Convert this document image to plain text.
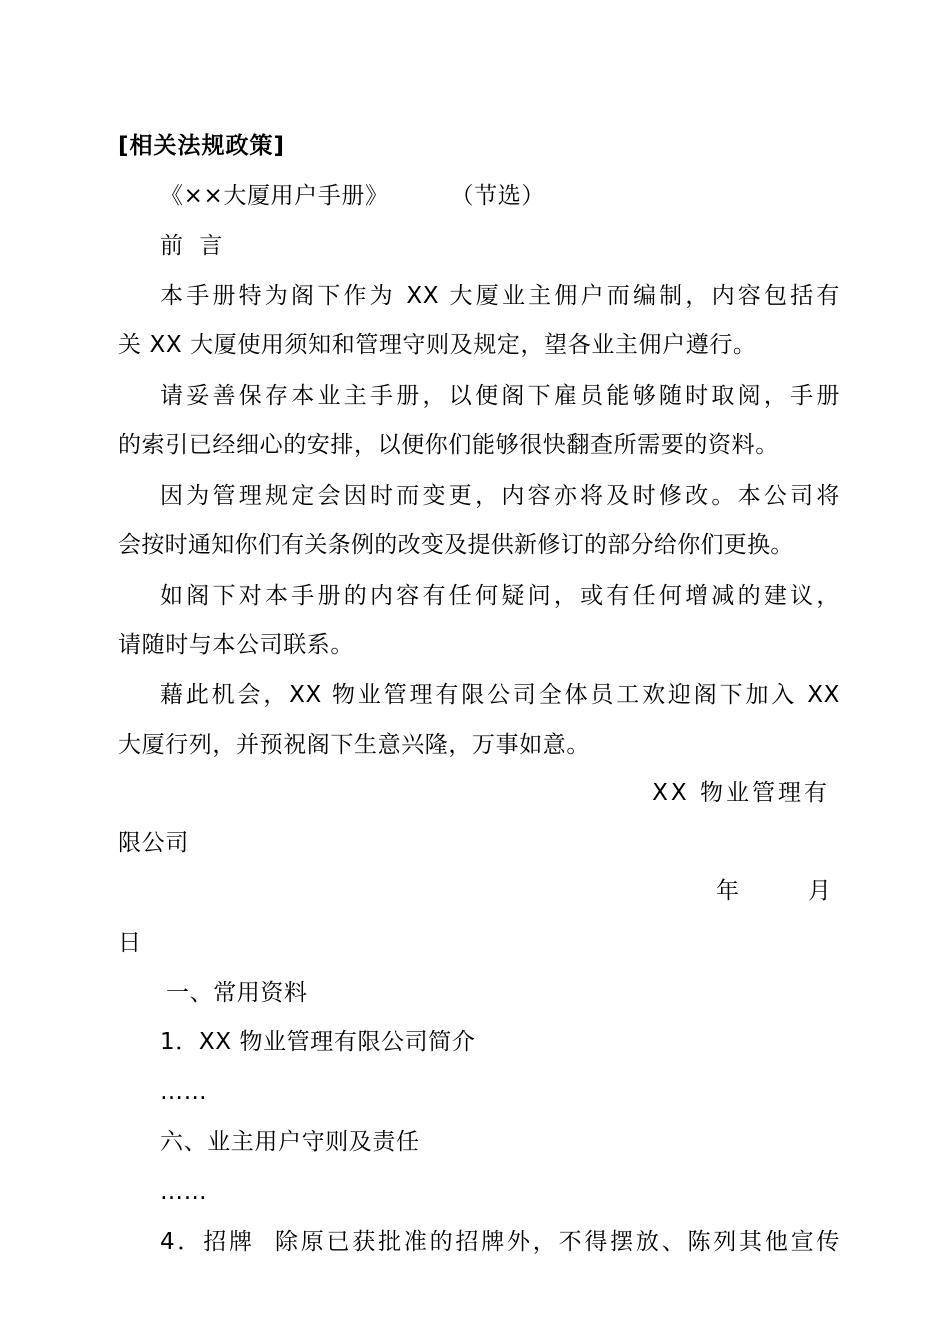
[相关法规政策]
《××大厦用户手册》	（节选）
前  言
本手册特为阁下作为 XX 大厦业主佣户而编制，内容包括有
关 XX 大厦使用须知和管理守则及规定，望各业主佣户遵行。
请妥善保存本业主手册，以便阁下雇员能够随时取阅，手册
的索引已经细心的安排，以便你们能够很快翻查所需要的资料。
因为管理规定会因时而变更，内容亦将及时修改。本公司将
会按时通知你们有关条例的改变及提供新修订的部分给你们更换。
如阁下对本手册的内容有任何疑问，或有任何增减的建议，
请随时与本公司联系。
藉此机会，XX 物业管理有限公司全体员工欢迎阁下加入 XX
大厦行列，并预祝阁下生意兴隆，万事如意。
XX 物业管理有
限公司
年	月
日
一、常用资料
1．XX 物业管理有限公司简介
……
六、业主用户守则及责任
……
4．招牌  除原已获批准的招牌外，不得摆放、陈列其他宣传
